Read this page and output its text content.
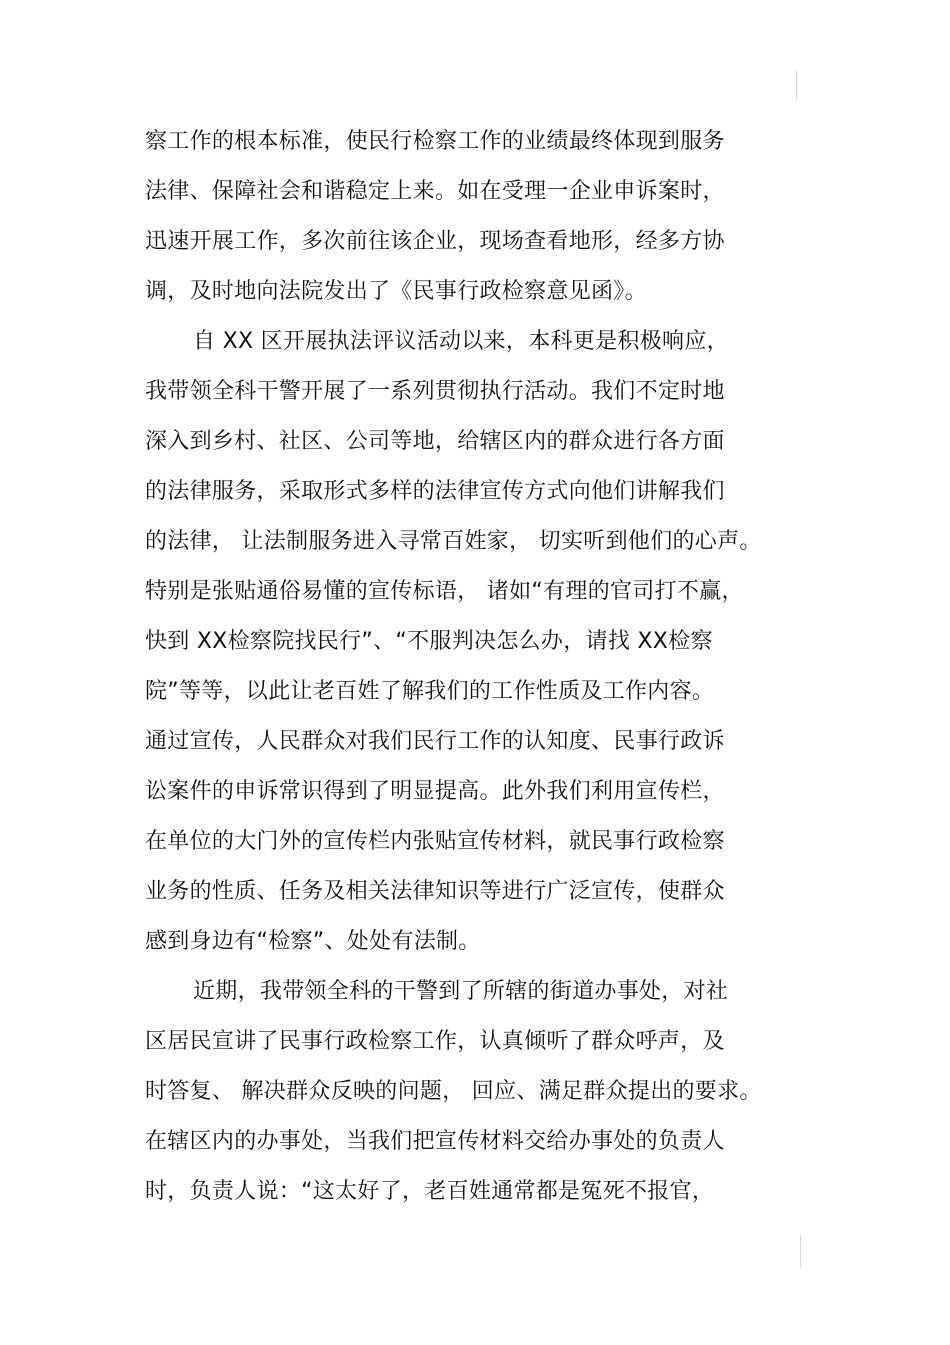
察工作的根本标准，使民行检察工作的业绩最终体现到服务
法律、保障社会和谐稳定上来。如在受理一企业申诉案时，
迅速开展工作，多次前往该企业，现场查看地形，经多方协
调，及时地向法院发出了《民事行政检察意见函》。
自 XX 区开展执法评议活动以来，本科更是积极响应，
我带领全科干警开展了一系列贯彻执行活动。我们不定时地
深入到乡村、社区、公司等地，给辖区内的群众进行各方面
的法律服务，采取形式多样的法律宣传方式向他们讲解我们
的法律， 让法制服务进入寻常百姓家， 切实听到他们的心声。
特别是张贴通俗易懂的宣传标语， 诸如“有理的官司打不赢，
快到 XX检察院找民行”、“不服判决怎么办，请找 XX检察
院”等等，以此让老百姓了解我们的工作性质及工作内容。
通过宣传，人民群众对我们民行工作的认知度、民事行政诉
讼案件的申诉常识得到了明显提高。此外我们利用宣传栏，
在单位的大门外的宣传栏内张贴宣传材料，就民事行政检察
业务的性质、任务及相关法律知识等进行广泛宣传，使群众
感到身边有“检察”、处处有法制。
近期，我带领全科的干警到了所辖的街道办事处，对社
区居民宣讲了民事行政检察工作，认真倾听了群众呼声，及
时答复、 解决群众反映的问题， 回应、满足群众提出的要求。
在辖区内的办事处，当我们把宣传材料交给办事处的负责人
时，负责人说：“这太好了，老百姓通常都是冤死不报官，
